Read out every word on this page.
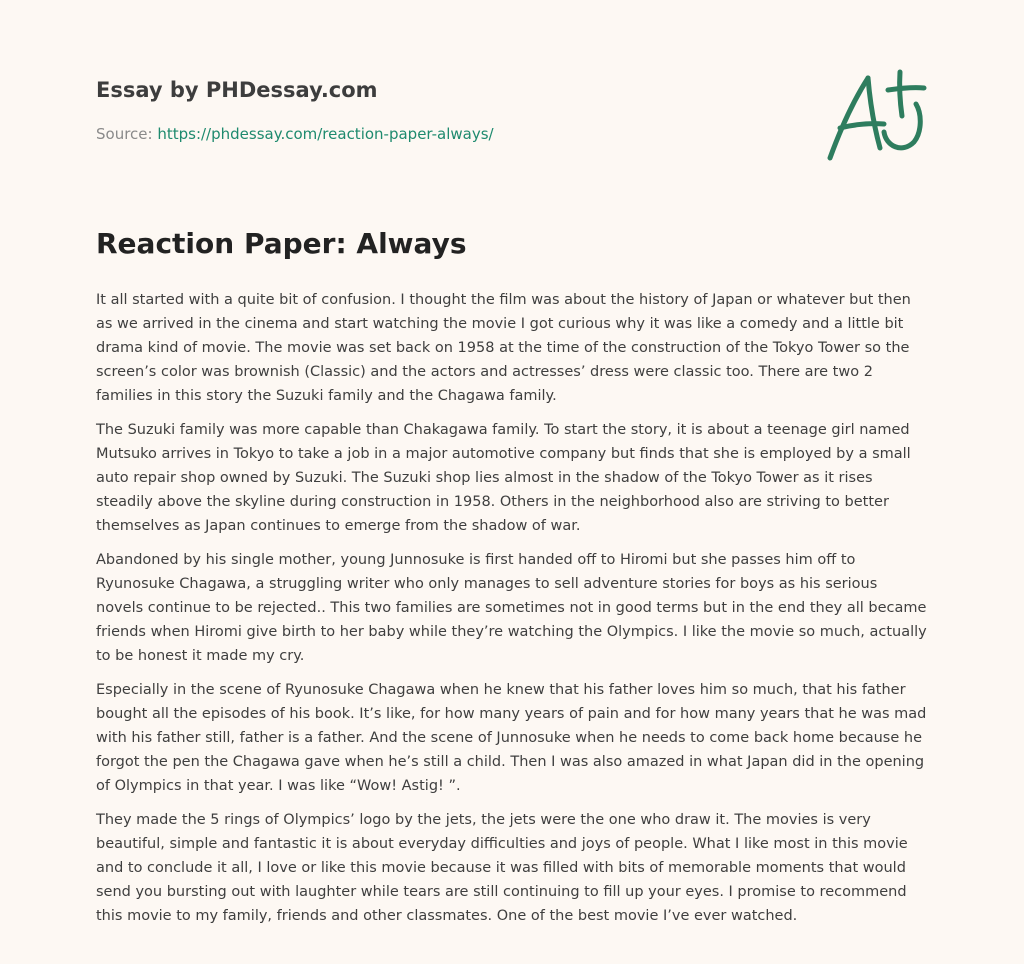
Essay by PHDessay.com
Source: https://phdessay.com/reaction-paper-always/
Reaction Paper: Always

It all started with a quite bit of confusion. I thought the film was about the history of Japan or whatever but then as we arrived in the cinema and start watching the movie I got curious why it was like a comedy and a little bit drama kind of movie. The movie was set back on 1958 at the time of the construction of the Tokyo Tower so the screen’s color was brownish (Classic) and the actors and actresses’ dress were classic too. There are two 2 families in this story the Suzuki family and the Chagawa family.

The Suzuki family was more capable than Chakagawa family. To start the story, it is about a teenage girl named Mutsuko arrives in Tokyo to take a job in a major automotive company but finds that she is employed by a small auto repair shop owned by Suzuki. The Suzuki shop lies almost in the shadow of the Tokyo Tower as it rises steadily above the skyline during construction in 1958. Others in the neighborhood also are striving to better themselves as Japan continues to emerge from the shadow of war.

Abandoned by his single mother, young Junnosuke is first handed off to Hiromi but she passes him off to Ryunosuke Chagawa, a struggling writer who only manages to sell adventure stories for boys as his serious novels continue to be rejected.. This two families are sometimes not in good terms but in the end they all became friends when Hiromi give birth to her baby while they’re watching the Olympics. I like the movie so much, actually to be honest it made my cry.

Especially in the scene of Ryunosuke Chagawa when he knew that his father loves him so much, that his father bought all the episodes of his book. It’s like, for how many years of pain and for how many years that he was mad with his father still, father is a father. And the scene of Junnosuke when he needs to come back home because he forgot the pen the Chagawa gave when he’s still a child. Then I was also amazed in what Japan did in the opening of Olympics in that year. I was like “Wow! Astig! ”.

They made the 5 rings of Olympics’ logo by the jets, the jets were the one who draw it. The movies is very beautiful, simple and fantastic it is about everyday difficulties and joys of people. What I like most in this movie and to conclude it all, I love or like this movie because it was filled with bits of memorable moments that would send you bursting out with laughter while tears are still continuing to fill up your eyes. I promise to recommend this movie to my family, friends and other classmates. One of the best movie I’ve ever watched.
